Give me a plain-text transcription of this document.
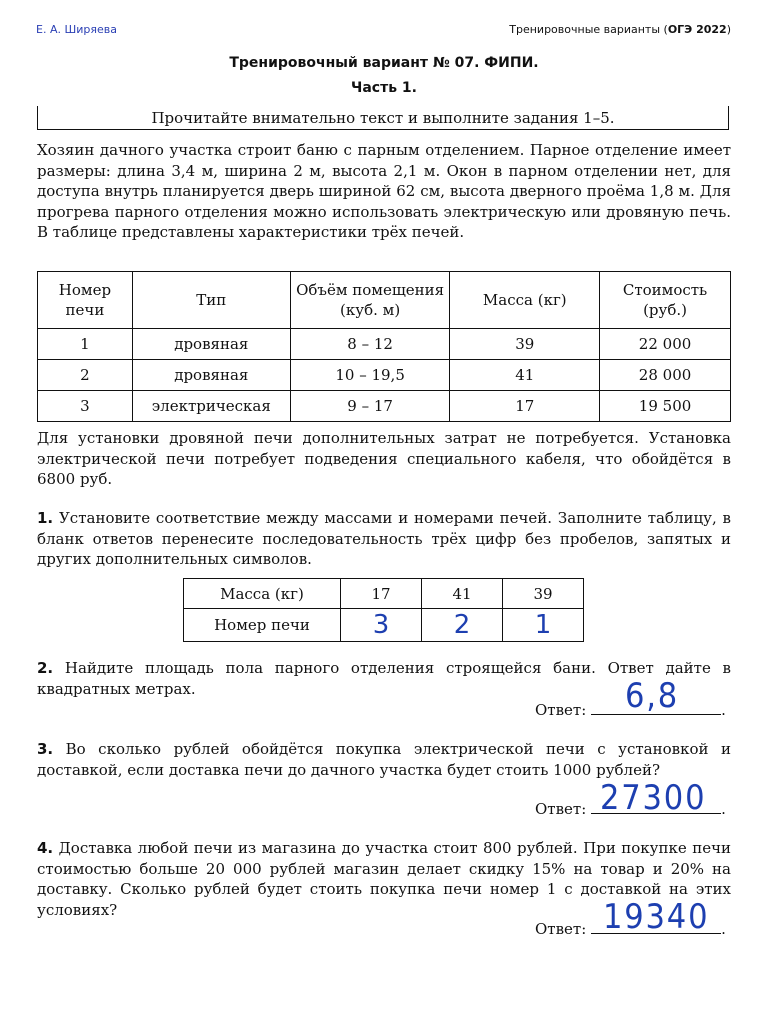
Е. А. Ширяева	Тренировочные варианты (ОГЭ 2022)
Тренировочный вариант № 07. ФИПИ.
Часть 1.
Прочитайте внимательно текст и выполните задания 1–5.
Хозяин дачного участка строит баню с парным отделением. Парное отделение имеет размеры: длина 3,4 м, ширина 2 м, высота 2,1 м. Окон в парном отделении нет, для доступа внутрь планируется дверь шириной 62 см, высота дверного проёма 1,8 м. Для прогрева парного отделения можно использовать электрическую или дровяную печь. В таблице представлены характеристики трёх печей.
Номер печи	Тип	Объём помещения (куб. м)	Масса (кг)	Стоимость (руб.)
1	дровяная	8 – 12	39	22 000
2	дровяная	10 – 19,5	41	28 000
3	электрическая	9 – 17	17	19 500
Для установки дровяной печи дополнительных затрат не потребуется. Установка электрической печи потребует подведения специального кабеля, что обойдётся в 6800 руб.
1. Установите соответствие между массами и номерами печей. Заполните таблицу, в бланк ответов перенесите последовательность трёх цифр без пробелов, запятых и других дополнительных символов.
Масса (кг)	17	41	39
Номер печи	3	2	1
2. Найдите площадь пола парного отделения строящейся бани. Ответ дайте в квадратных метрах.
Ответ:	.
6,8
3. Во сколько рублей обойдётся покупка электрической печи с установкой и доставкой, если доставка печи до дачного участка будет стоить 1000 рублей?
Ответ:	.
27300
4. Доставка любой печи из магазина до участка стоит 800 рублей. При покупке печи стоимостью больше 20 000 рублей магазин делает скидку 15% на товар и 20% на доставку. Сколько рублей будет стоить покупка печи номер 1 с доставкой на этих условиях?
Ответ:	.
19340
